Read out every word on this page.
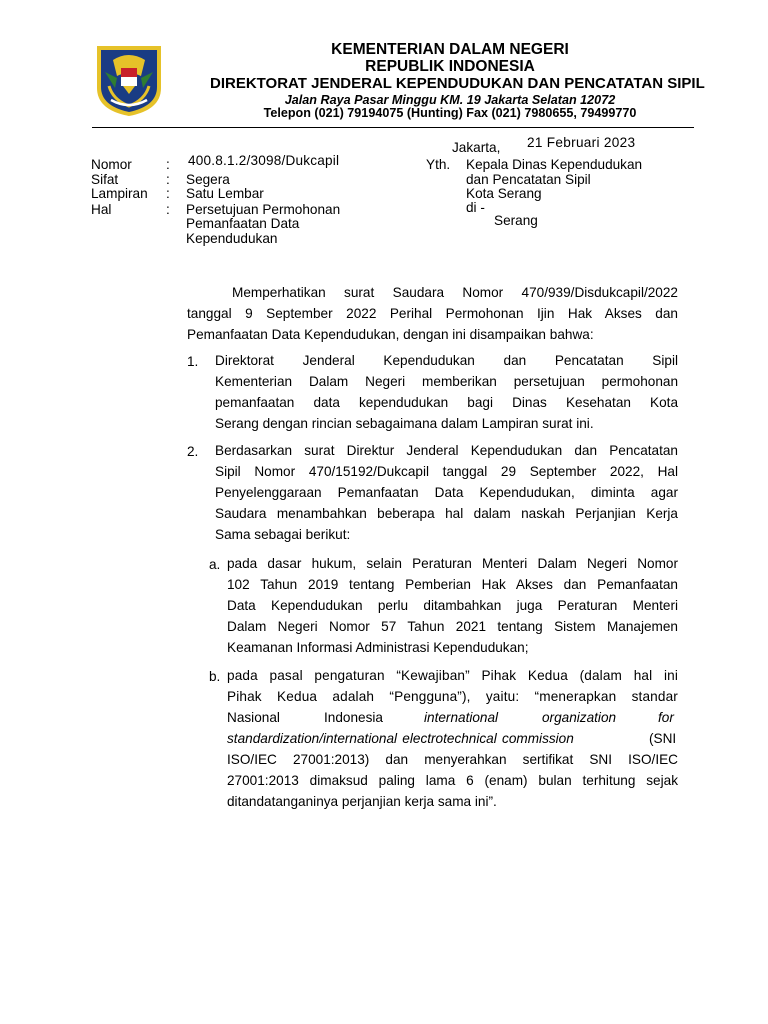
KEMENTERIAN DALAM NEGERI
REPUBLIK INDONESIA
DIREKTORAT JENDERAL KEPENDUDUKAN DAN PENCATATAN SIPIL
Jalan Raya Pasar Minggu KM. 19 Jakarta Selatan 12072
Telepon (021) 79194075 (Hunting) Fax (021) 7980655, 79499770
Jakarta, 21 Februari 2023
Nomor	: 400.8.1.2/3098/Dukcapil
Sifat	: Segera
Lampiran : Satu Lembar
Hal	: Persetujuan Permohonan
Pemanfaatan Data
Kependudukan
Yth. Kepala Dinas Kependudukan
dan Pencatatan Sipil
Kota Serang
di -
Serang
Memperhatikan surat Saudara Nomor 470/939/Disdukcapil/2022
tanggal 9 September 2022 Perihal Permohonan Ijin Hak Akses dan
Pemanfaatan Data Kependudukan, dengan ini disampaikan bahwa:
1. Direktorat Jenderal Kependudukan dan Pencatatan Sipil
Kementerian Dalam Negeri memberikan persetujuan permohonan
pemanfaatan data kependudukan bagi Dinas Kesehatan Kota
Serang dengan rincian sebagaimana dalam Lampiran surat ini.
2. Berdasarkan surat Direktur Jenderal Kependudukan dan Pencatatan
Sipil Nomor 470/15192/Dukcapil tanggal 29 September 2022, Hal
Penyelenggaraan Pemanfaatan Data Kependudukan, diminta agar
Saudara menambahkan beberapa hal dalam naskah Perjanjian Kerja
Sama sebagai berikut:
a. pada dasar hukum, selain Peraturan Menteri Dalam Negeri Nomor
102 Tahun 2019 tentang Pemberian Hak Akses dan Pemanfaatan
Data Kependudukan perlu ditambahkan juga Peraturan Menteri
Dalam Negeri Nomor 57 Tahun 2021 tentang Sistem Manajemen
Keamanan Informasi Administrasi Kependudukan;
b. pada pasal pengaturan “Kewajiban” Pihak Kedua (dalam hal ini
Pihak Kedua adalah “Pengguna”), yaitu: “menerapkan standar
Nasional	Indonesia	international	organization	for
standardization/international electrotechnical commission	(SNI
ISO/IEC 27001:2013) dan menyerahkan sertifikat SNI ISO/IEC
27001:2013 dimaksud paling lama 6 (enam) bulan terhitung sejak
ditandatanganinya perjanjian kerja sama ini”.
